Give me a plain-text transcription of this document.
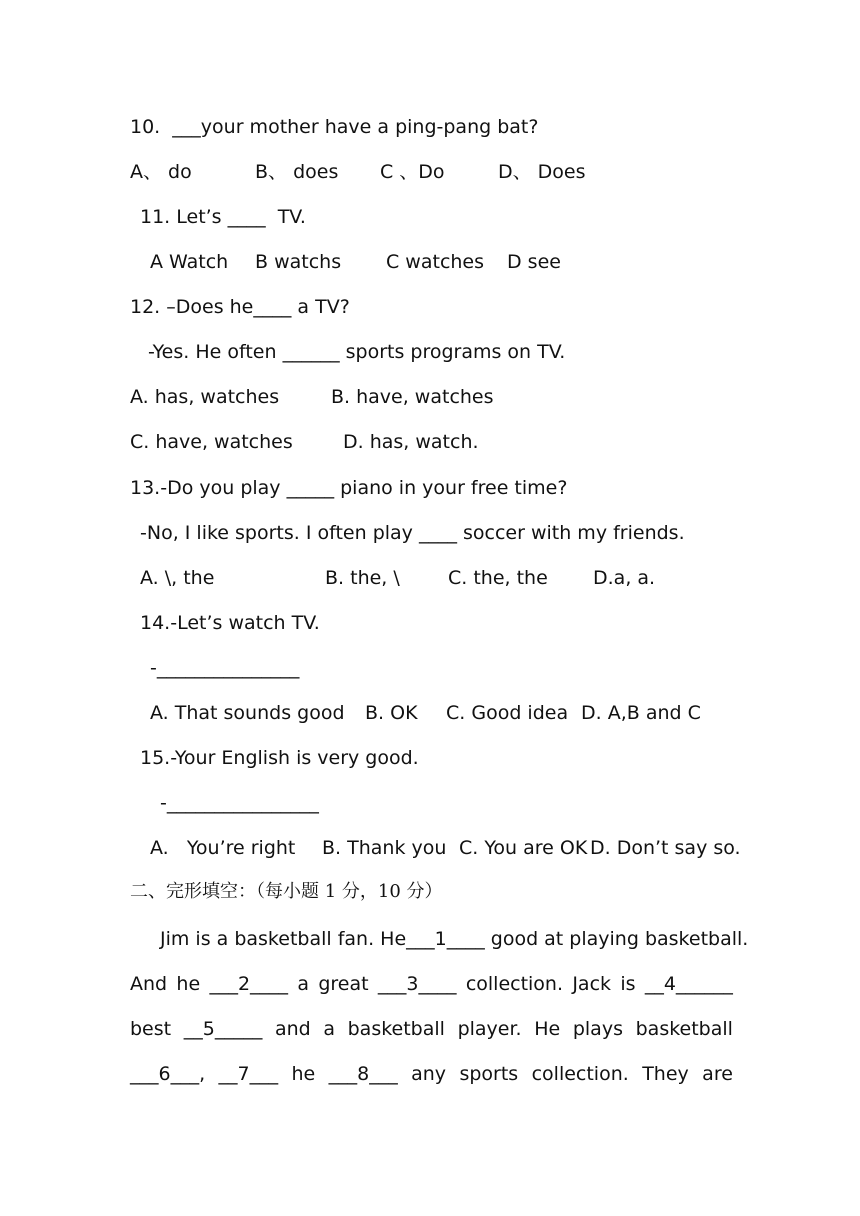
10.  ___your mother have a ping-pang bat?
A、 do	B、 does C 、Do	D、 Does
11. Let’s ____  TV.
A Watch B watchs C watches D see
12. –Does he____ a TV?
-Yes. He often ______ sports programs on TV.
A. has, watches	B. have, watches
C. have, watches	D. has, watch.
13.-Do you play _____ piano in your free time?
-No, I like sports. I often play ____ soccer with my friends.
A. \, the	B. the, \	C. the, the D.a, a.
14.-Let’s watch TV.
-_______________
A. That sounds good B. OK C. Good idea D. A,B and C
15.-Your English is very good.
-________________
A.   You’re right B. Thank you C. You are OK D. Don’t say so.
二、完形填空：（每小题 1 分，10 分）
Jim is a basketball fan. He___1____ good at playing basketball.
And he ___2____ a great ___3____ collection. Jack is __4______
best __5_____ and a basketball player. He plays basketball
___6___, __7___ he ___8___ any sports collection. They are
